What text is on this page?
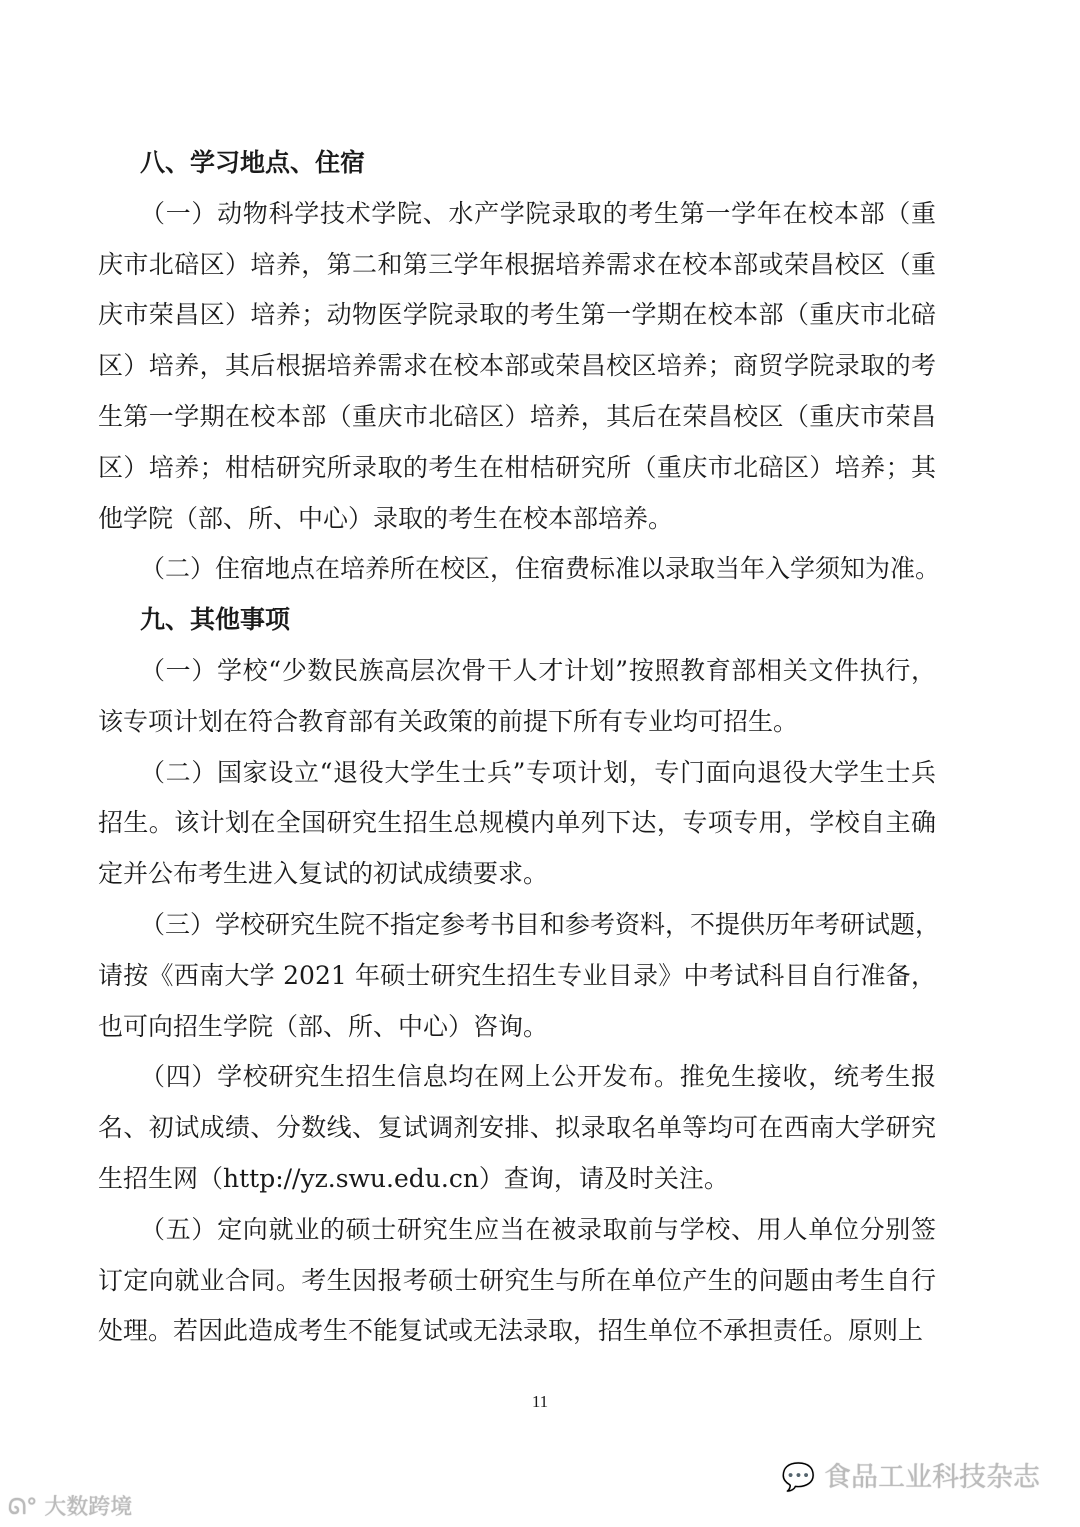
八、学习地点、住宿
（一）动物科学技术学院、水产学院录取的考生第一学年在校本部（重
庆市北碚区）培养，第二和第三学年根据培养需求在校本部或荣昌校区（重
庆市荣昌区）培养；动物医学院录取的考生第一学期在校本部（重庆市北碚
区）培养，其后根据培养需求在校本部或荣昌校区培养；商贸学院录取的考
生第一学期在校本部（重庆市北碚区）培养，其后在荣昌校区（重庆市荣昌
区）培养；柑桔研究所录取的考生在柑桔研究所（重庆市北碚区）培养；其
他学院（部、所、中心）录取的考生在校本部培养。
（二）住宿地点在培养所在校区，住宿费标准以录取当年入学须知为准。
九、其他事项
（一）学校“少数民族高层次骨干人才计划”按照教育部相关文件执行，
该专项计划在符合教育部有关政策的前提下所有专业均可招生。
（二）国家设立“退役大学生士兵”专项计划，专门面向退役大学生士兵
招生。该计划在全国研究生招生总规模内单列下达，专项专用，学校自主确
定并公布考生进入复试的初试成绩要求。
（三）学校研究生院不指定参考书目和参考资料，不提供历年考研试题，
请按《西南大学 2021 年硕士研究生招生专业目录》中考试科目自行准备，
也可向招生学院（部、所、中心）咨询。
（四）学校研究生招生信息均在网上公开发布。推免生接收，统考生报
名、初试成绩、分数线、复试调剂安排、拟录取名单等均可在西南大学研究
生招生网（http://yz.swu.edu.cn）查询，请及时关注。
（五）定向就业的硕士研究生应当在被录取前与学校、用人单位分别签
订定向就业合同。考生因报考硕士研究生与所在单位产生的问题由考生自行
处理。若因此造成考生不能复试或无法录取，招生单位不承担责任。原则上
11
💬 食品工业科技杂志
ᘏ° 大数跨境
